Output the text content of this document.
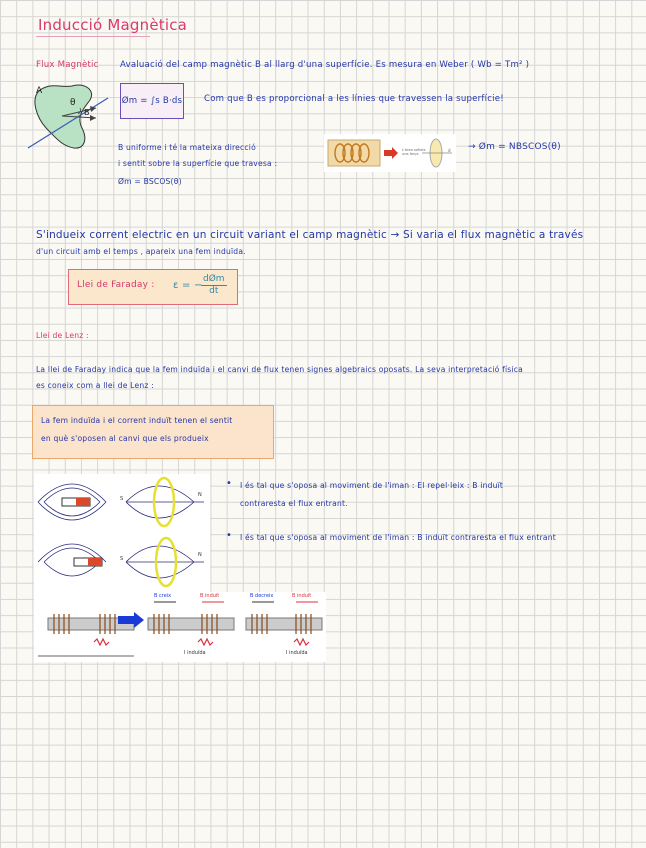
Inducció Magnètica
Flux Magnètic Avaluació del camp magnètic B al llarg d'una superfície. Es mesura en Weber ( Wb = Tm² )
A
θ
B
Øm = ∫s B·ds	Com que B es proporcional a les línies que travessen la superfície!
B uniforme i té la mateixa direcció
i sentit sobre la superfície que travesa :
Øm = BSCOS(θ)
L'àrea sofreix una força
d → Øm = NBSCOS(θ)
S'indueix corrent electric en un circuit variant el camp magnètic → Si varia el flux magnètic a través
d'un circuit amb el temps , apareix una fem induïda.
Llei de Faraday : ε = −
dØm
dt
Llei de Lenz :
La llei de Faraday indica que la fem induïda i el canvi de flux tenen signes algebraics oposats. La seva interpretació física
es coneix com a llei de Lenz :
La fem induïda i el corrent induït tenen el sentit
en què s'oposen al canvi que els produeix
S
N
S
N
• I és tal que s'oposa al moviment de l'iman : El repel·leix : B induït
contraresta el flux entrant.
• I és tal que s'oposa al moviment de l'iman : B induït contraresta el flux entrant
B creix	B induït	B decreix	B induït
I induïda	I induïda
